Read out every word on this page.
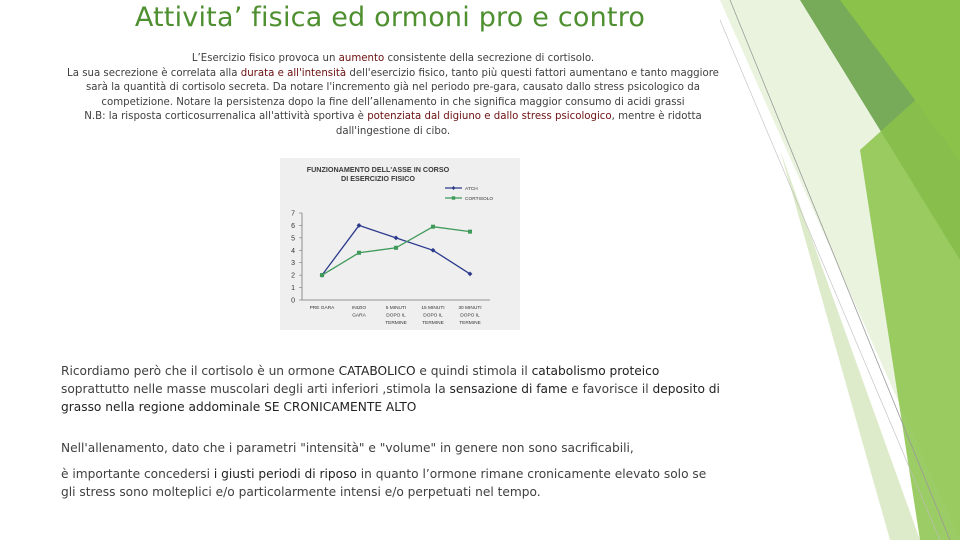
Attivita’ fisica ed ormoni pro e contro

L’Esercizio fisico provoca un aumento consistente della secrezione di cortisolo.

La sua secrezione è correlata alla durata e all'intensità dell'esercizio fisico, tanto più questi fattori aumentano e tanto maggiore sarà la quantità di cortisolo secreta. Da notare l'incremento già nel periodo pre-gara, causato dallo stress psicologico da competizione. Notare la persistenza dopo la fine dell’allenamento in che significa maggior consumo di acidi grassi

N.B: la risposta corticosurrenalica all'attività sportiva è potenziata dal digiuno e dallo stress psicologico, mentre è ridotta dall'ingestione di cibo.

FUNZIONAMENTO DELL'ASSE IN CORSO
DI ESERCIZIO FISICO
0
1
2
3
4
5
6
7
PRE GARA	INIZIO
GARA
5 MINUTI
DOPO IL
TERMINE
15 MINUTI
DOPO IL
TERMINE
30 MINUTI
DOPO IL
TERMINE
ATCH
CORTISOLO

Ricordiamo però che il cortisolo è un ormone CATABOLICO e quindi stimola il catabolismo proteico soprattutto nelle masse muscolari degli arti inferiori ,stimola la sensazione di fame e favorisce il deposito di grasso nella regione addominale SE CRONICAMENTE ALTO

Nell'allenamento, dato che i parametri "intensità" e "volume" in genere non sono sacrificabili,

è importante concedersi i giusti periodi di riposo in quanto l’ormone rimane cronicamente elevato solo se gli stress sono molteplici e/o particolarmente intensi e/o perpetuati nel tempo.
